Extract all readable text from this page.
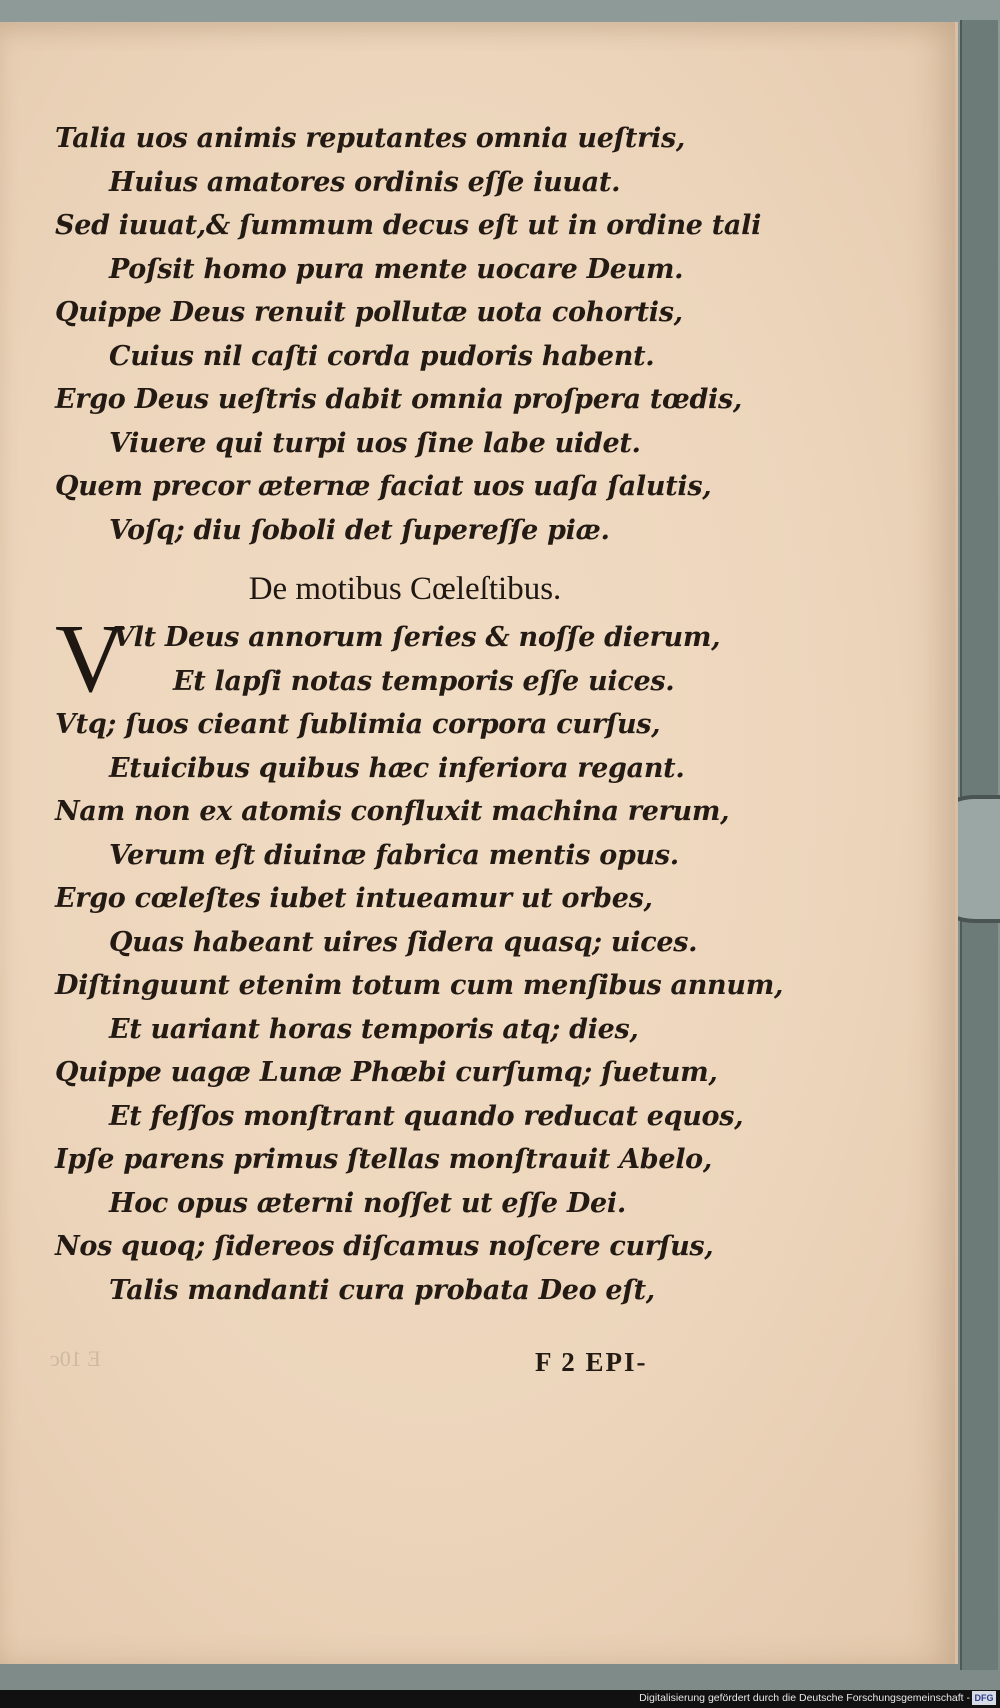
E 10c
Talia uos animis reputantes omnia ueſtris,
Huius amatores ordinis eſſe iuuat.
Sed iuuat,& ſummum decus eſt ut in ordine tali
Poſsit homo pura mente uocare Deum.
Quippe Deus renuit pollutæ uota cohortis,
Cuius nil caſti corda pudoris habent.
Ergo Deus ueſtris dabit omnia proſpera tœdis,
Viuere qui turpi uos ſine labe uidet.
Quem precor æternæ faciat uos uaſa ſalutis,
Voſq; diu ſoboli det ſupereſſe piæ.
De motibus Cœleſtibus.
V
Vlt Deus annorum ſeries & noſſe dierum,
Et lapſi notas temporis eſſe uices.
Vtq; ſuos cieant ſublimia corpora curſus,
Etuicibus quibus hæc inferiora regant.
Nam non ex atomis confluxit machina rerum,
Verum eſt diuinæ fabrica mentis opus.
Ergo cœleſtes iubet intueamur ut orbes,
Quas habeant uires ſidera quasq; uices.
Diſtinguunt etenim totum cum menſibus annum,
Et uariant horas temporis atq; dies,
Quippe uagæ Lunæ Phœbi curſumq; ſuetum,
Et feſſos monſtrant quando reducat equos,
Ipſe parens primus ſtellas monſtrauit Abelo,
Hoc opus æterni noſſet ut eſſe Dei.
Nos quoq; ſidereos diſcamus noſcere curſus,
Talis mandanti cura probata Deo eſt,
F 2 EPI-
Digitalisierung gefördert durch die Deutsche Forschungsgemeinschaft - DFG
